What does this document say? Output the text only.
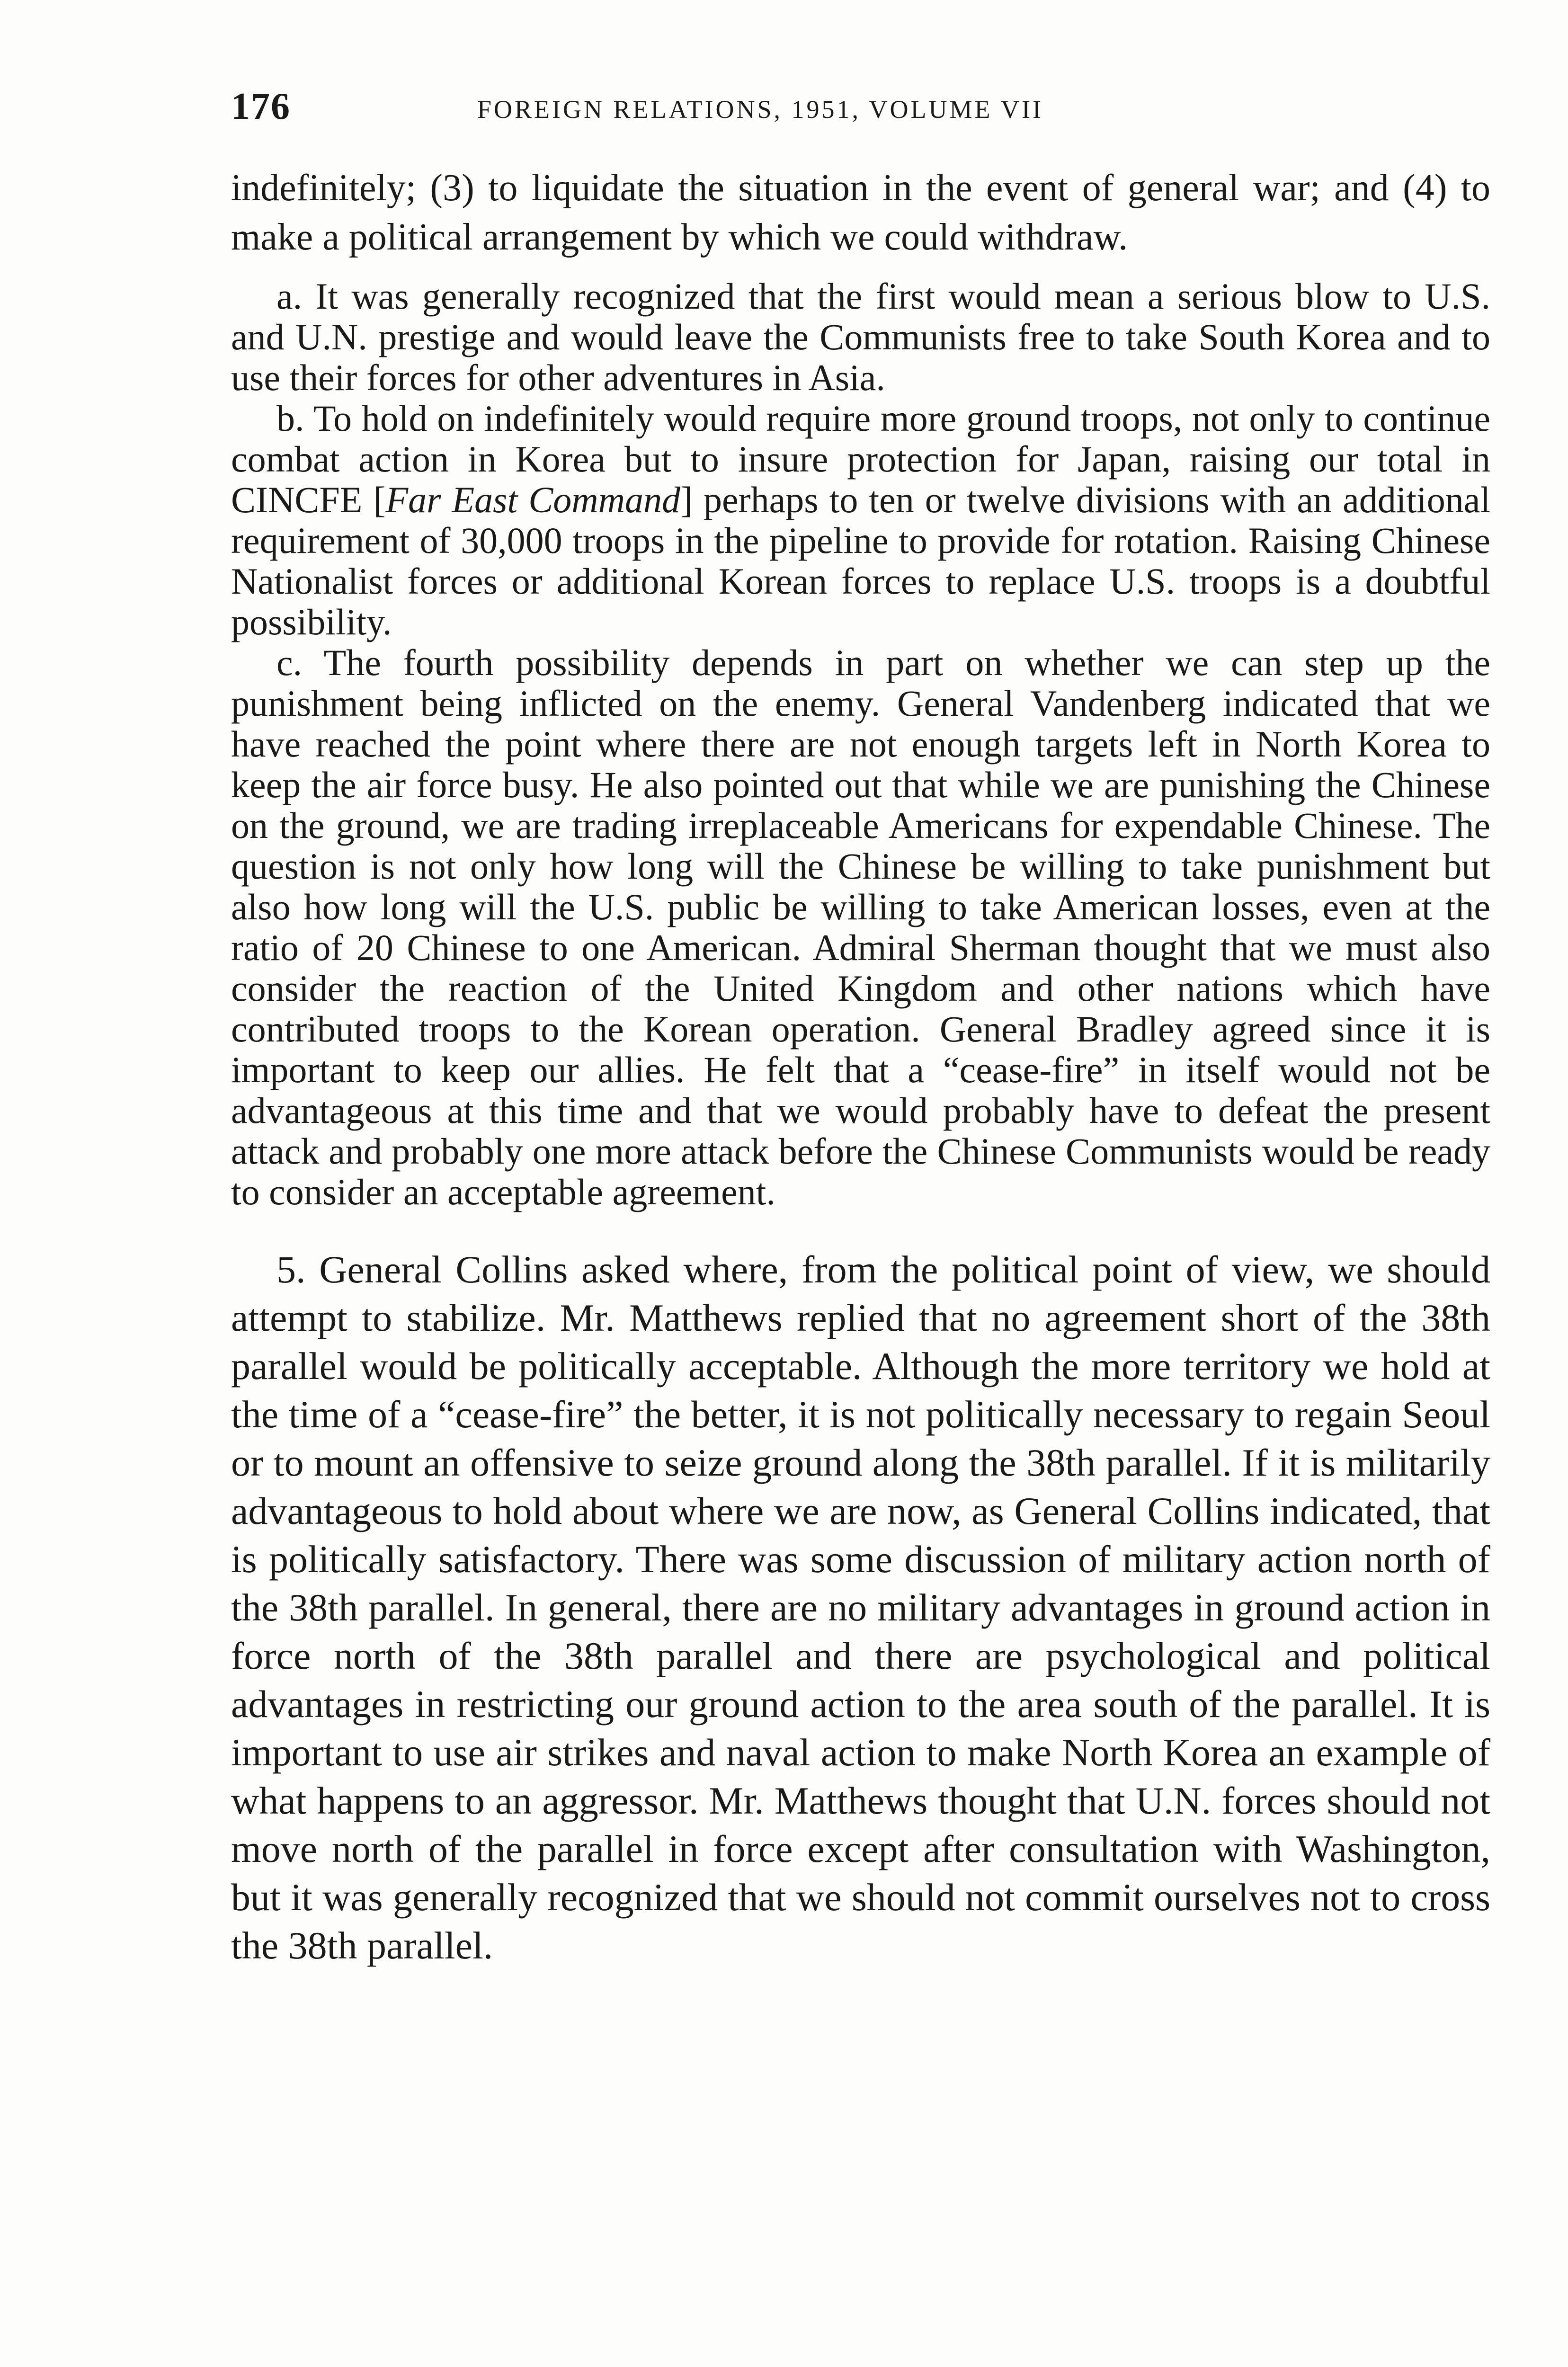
176	FOREIGN RELATIONS, 1951, VOLUME VII

indefinitely; (3) to liquidate the situation in the event of general war; and (4) to make a political arrangement by which we could withdraw.

a. It was generally recognized that the first would mean a serious blow to U.S. and U.N. prestige and would leave the Communists free to take South Korea and to use their forces for other adventures in Asia.

b. To hold on indefinitely would require more ground troops, not only to continue combat action in Korea but to insure protection for Japan, raising our total in CINCFE [Far East Command] perhaps to ten or twelve divisions with an additional requirement of 30,000 troops in the pipeline to provide for rotation. Raising Chinese Nationalist forces or additional Korean forces to replace U.S. troops is a doubtful possibility.

c. The fourth possibility depends in part on whether we can step up the punishment being inflicted on the enemy. General Vandenberg indicated that we have reached the point where there are not enough targets left in North Korea to keep the air force busy. He also pointed out that while we are punishing the Chinese on the ground, we are trading irreplaceable Americans for expendable Chinese. The question is not only how long will the Chinese be willing to take punishment but also how long will the U.S. public be willing to take American losses, even at the ratio of 20 Chinese to one American. Admiral Sherman thought that we must also consider the reaction of the United Kingdom and other nations which have contributed troops to the Korean operation. General Bradley agreed since it is important to keep our allies. He felt that a “cease-fire” in itself would not be advantageous at this time and that we would probably have to defeat the present attack and probably one more attack before the Chinese Communists would be ready to consider an acceptable agreement.

5. General Collins asked where, from the political point of view, we should attempt to stabilize. Mr. Matthews replied that no agreement short of the 38th parallel would be politically acceptable. Although the more territory we hold at the time of a “cease-fire” the better, it is not politically necessary to regain Seoul or to mount an offensive to seize ground along the 38th parallel. If it is militarily advantageous to hold about where we are now, as General Collins indicated, that is politically satisfactory. There was some discussion of military action north of the 38th parallel. In general, there are no military advantages in ground action in force north of the 38th parallel and there are psychological and political advantages in restricting our ground action to the area south of the parallel. It is important to use air strikes and naval action to make North Korea an example of what happens to an aggressor. Mr. Matthews thought that U.N. forces should not move north of the parallel in force except after consultation with Washington, but it was generally recognized that we should not commit ourselves not to cross the 38th parallel.
